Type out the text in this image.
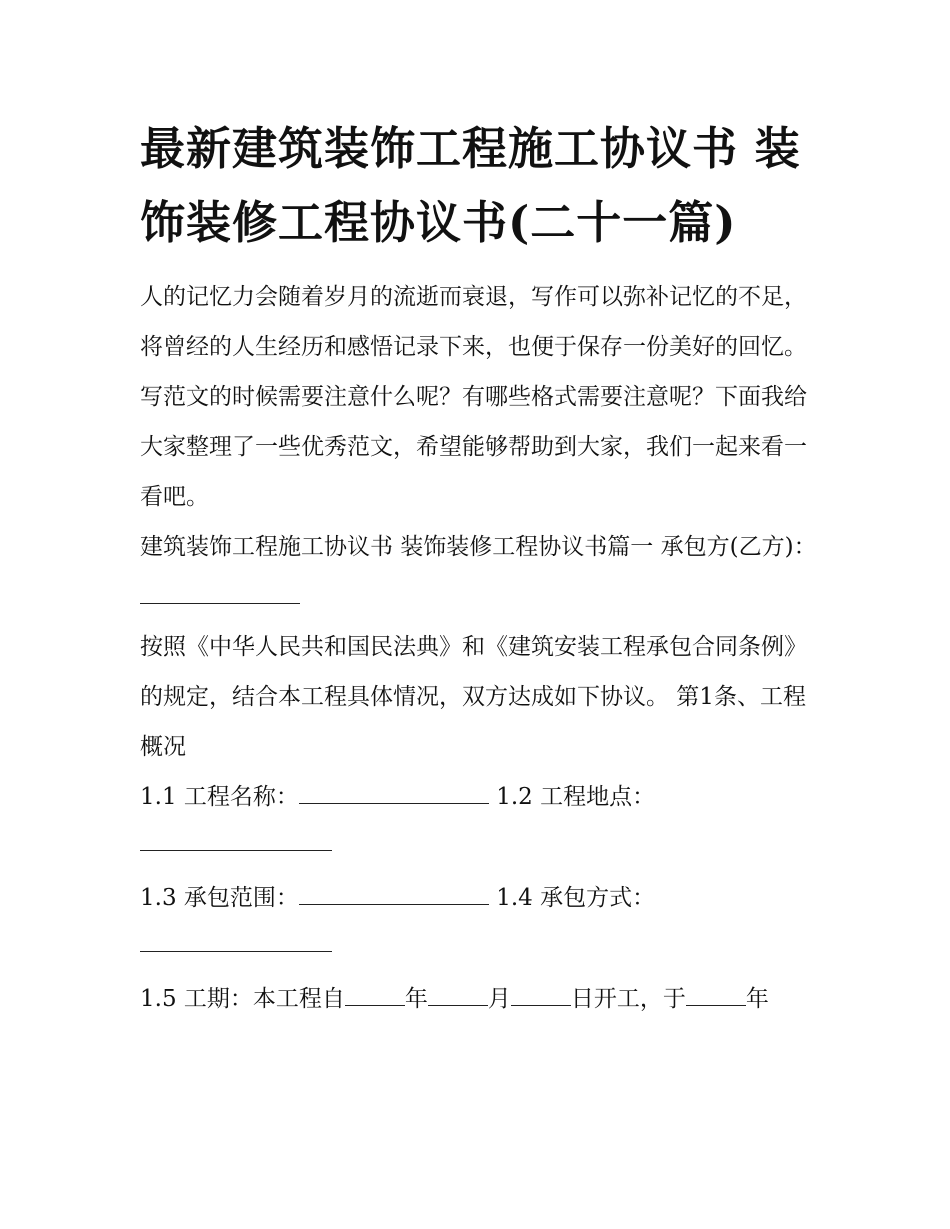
最新建筑装饰工程施工协议书 装饰装修工程协议书(二十一篇)

人的记忆力会随着岁月的流逝而衰退，写作可以弥补记忆的不足，将曾经的人生经历和感悟记录下来，也便于保存一份美好的回忆。写范文的时候需要注意什么呢？有哪些格式需要注意呢？下面我给大家整理了一些优秀范文，希望能够帮助到大家，我们一起来看一看吧。

建筑装饰工程施工协议书 装饰装修工程协议书篇一 承包方(乙方)：

按照《中华人民共和国民法典》和《建筑安装工程承包合同条例》的规定，结合本工程具体情况，双方达成如下协议。 第1条、工程概况

1.1 工程名称：	1.2 工程地点：

1.3 承包范围：	1.4 承包方式：

1.5 工期：本工程自	年	月	日开工，于	年
